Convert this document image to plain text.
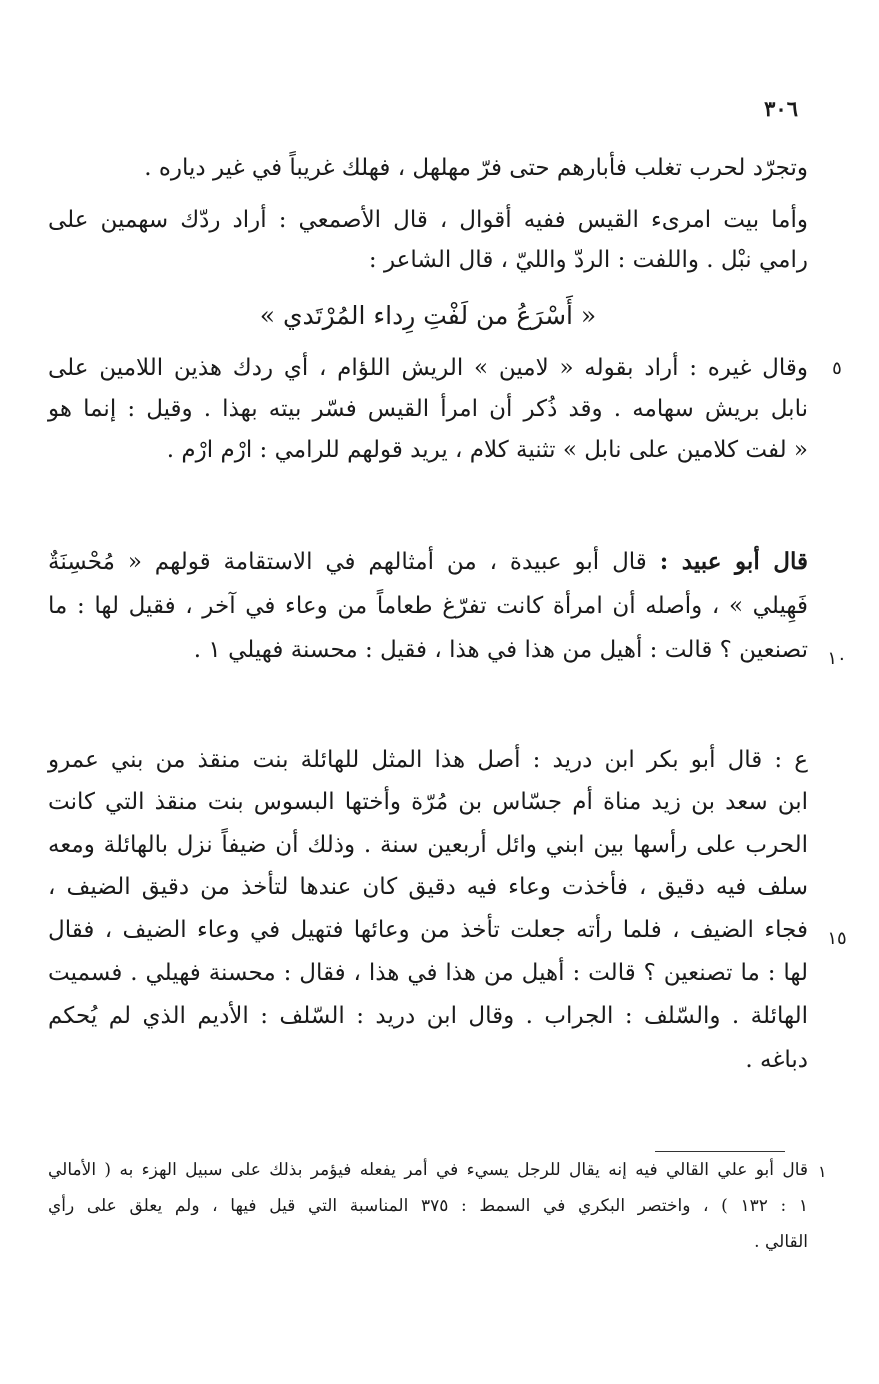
٣٠٦
وتجرّد لحرب تغلب فأبارهم حتى فرّ مهلهل ، فهلك غريباً في غير دياره .
وأما بيت امرىء القيس ففيه أقوال ، قال الأصمعي : أراد ردّك سهمين على
رامي نبْل . واللفت : الردّ والليّ ، قال الشاعر :
« أَسْرَعُ من لَفْتِ رِداء المُرْتَدي »
وقال غيره : أراد بقوله « لامين » الريش اللؤام ، أي ردك هذين اللامين على
نابل بريش سهامه . وقد ذُكر أن امرأ القيس فسّر بيته بهذا . وقيل : إنما هو
« لفت كلامين على نابل » تثنية كلام ، يريد قولهم للرامي : ارْم ارْم .
قال أبو عبيد : قال أبو عبيدة ، من أمثالهم في الاستقامة قولهم « مُحْسِنَةٌ
فَهِيلي » ، وأصله أن امرأة كانت تفرّغ طعاماً من وعاء في آخر ، فقيل لها : ما
تصنعين ؟ قالت : أهيل من هذا في هذا ، فقيل : محسنة فهيلي ١ .
ع : قال أبو بكر ابن دريد : أصل هذا المثل للهائلة بنت منقذ من بني عمرو
ابن سعد بن زيد مناة أم جسّاس بن مُرّة وأختها البسوس بنت منقذ التي كانت
الحرب على رأسها بين ابني وائل أربعين سنة . وذلك أن ضيفاً نزل بالهائلة ومعه
سلف فيه دقيق ، فأخذت وعاء فيه دقيق كان عندها لتأخذ من دقيق الضيف ،
فجاء الضيف ، فلما رأته جعلت تأخذ من وعائها فتهيل في وعاء الضيف ، فقال
لها : ما تصنعين ؟ قالت : أهيل من هذا في هذا ، فقال : محسنة فهيلي . فسميت
الهائلة . والسّلف : الجراب . وقال ابن دريد : السّلف : الأديم الذي لم يُحكم
دباغه .
قال أبو علي القالي فيه إنه يقال للرجل يسيء في أمر يفعله فيؤمر بذلك على سبيل الهزء به ( الأمالي
١ : ١٣٢ ) ، واختصر البكري في السمط : ٣٧٥ المناسبة التي قيل فيها ، ولم يعلق على رأي
القالي .
٥
١٠
١٥
١
